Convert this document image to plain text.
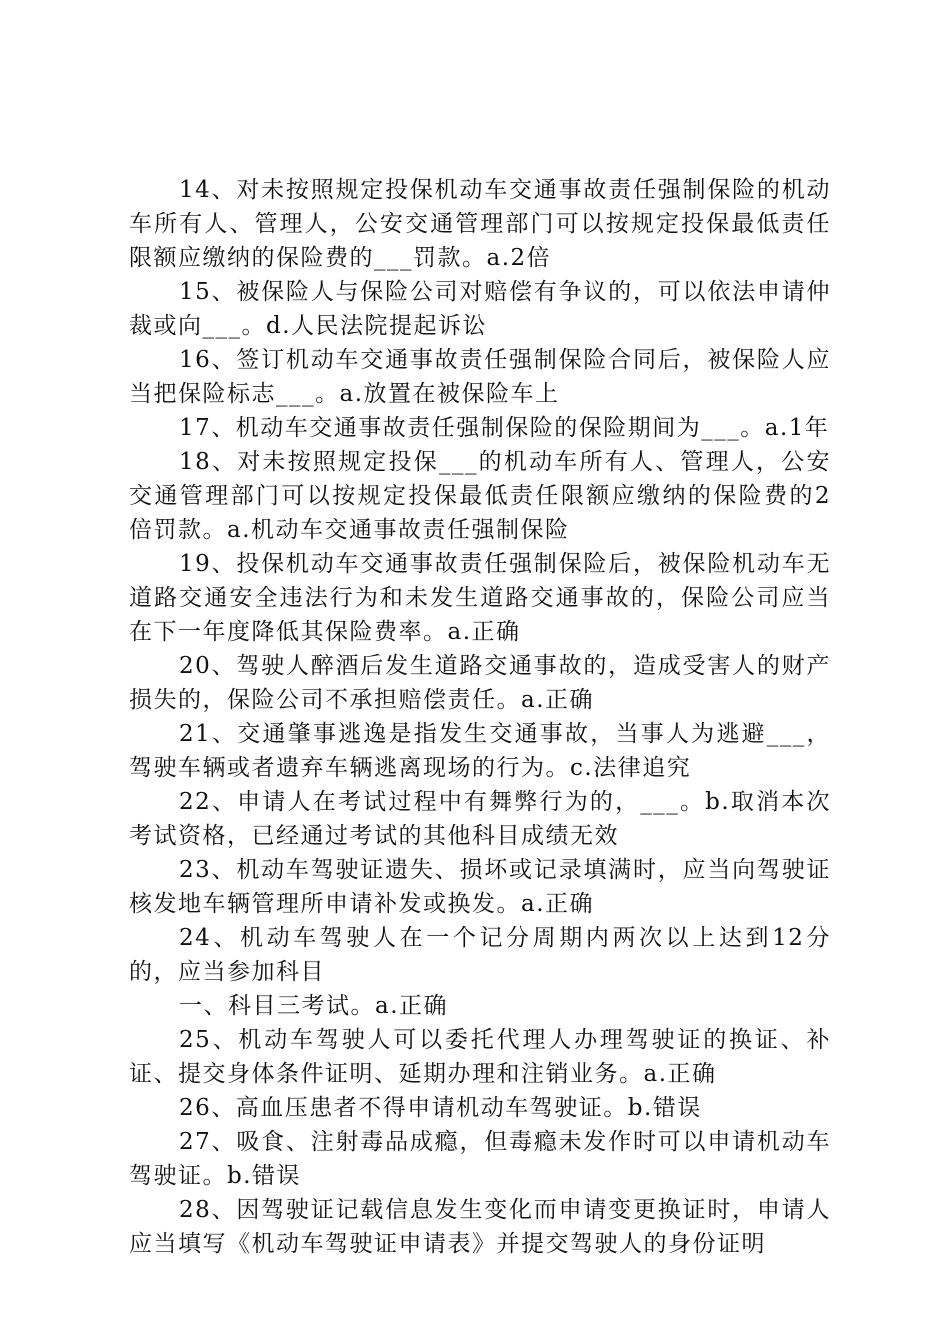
14、对未按照规定投保机动车交通事故责任强制保险的机动车所有人、管理人，公安交通管理部门可以按规定投保最低责任限额应缴纳的保险费的___罚款。a.2倍

15、被保险人与保险公司对赔偿有争议的，可以依法申请仲裁或向___。d.人民法院提起诉讼

16、签订机动车交通事故责任强制保险合同后，被保险人应当把保险标志___。a.放置在被保险车上

17、机动车交通事故责任强制保险的保险期间为___。a.1年

18、对未按照规定投保___的机动车所有人、管理人，公安交通管理部门可以按规定投保最低责任限额应缴纳的保险费的2倍罚款。a.机动车交通事故责任强制保险

19、投保机动车交通事故责任强制保险后，被保险机动车无道路交通安全违法行为和未发生道路交通事故的，保险公司应当在下一年度降低其保险费率。a.正确

20、驾驶人醉酒后发生道路交通事故的，造成受害人的财产损失的，保险公司不承担赔偿责任。a.正确

21、交通肇事逃逸是指发生交通事故，当事人为逃避___，驾驶车辆或者遗弃车辆逃离现场的行为。c.法律追究

22、申请人在考试过程中有舞弊行为的，___。b.取消本次考试资格，已经通过考试的其他科目成绩无效

23、机动车驾驶证遗失、损坏或记录填满时，应当向驾驶证核发地车辆管理所申请补发或换发。a.正确

24、机动车驾驶人在一个记分周期内两次以上达到12分的，应当参加科目

一、科目三考试。a.正确

25、机动车驾驶人可以委托代理人办理驾驶证的换证、补证、提交身体条件证明、延期办理和注销业务。a.正确

26、高血压患者不得申请机动车驾驶证。b.错误

27、吸食、注射毒品成瘾，但毒瘾未发作时可以申请机动车驾驶证。b.错误

28、因驾驶证记载信息发生变化而申请变更换证时，申请人应当填写《机动车驾驶证申请表》并提交驾驶人的身份证明
